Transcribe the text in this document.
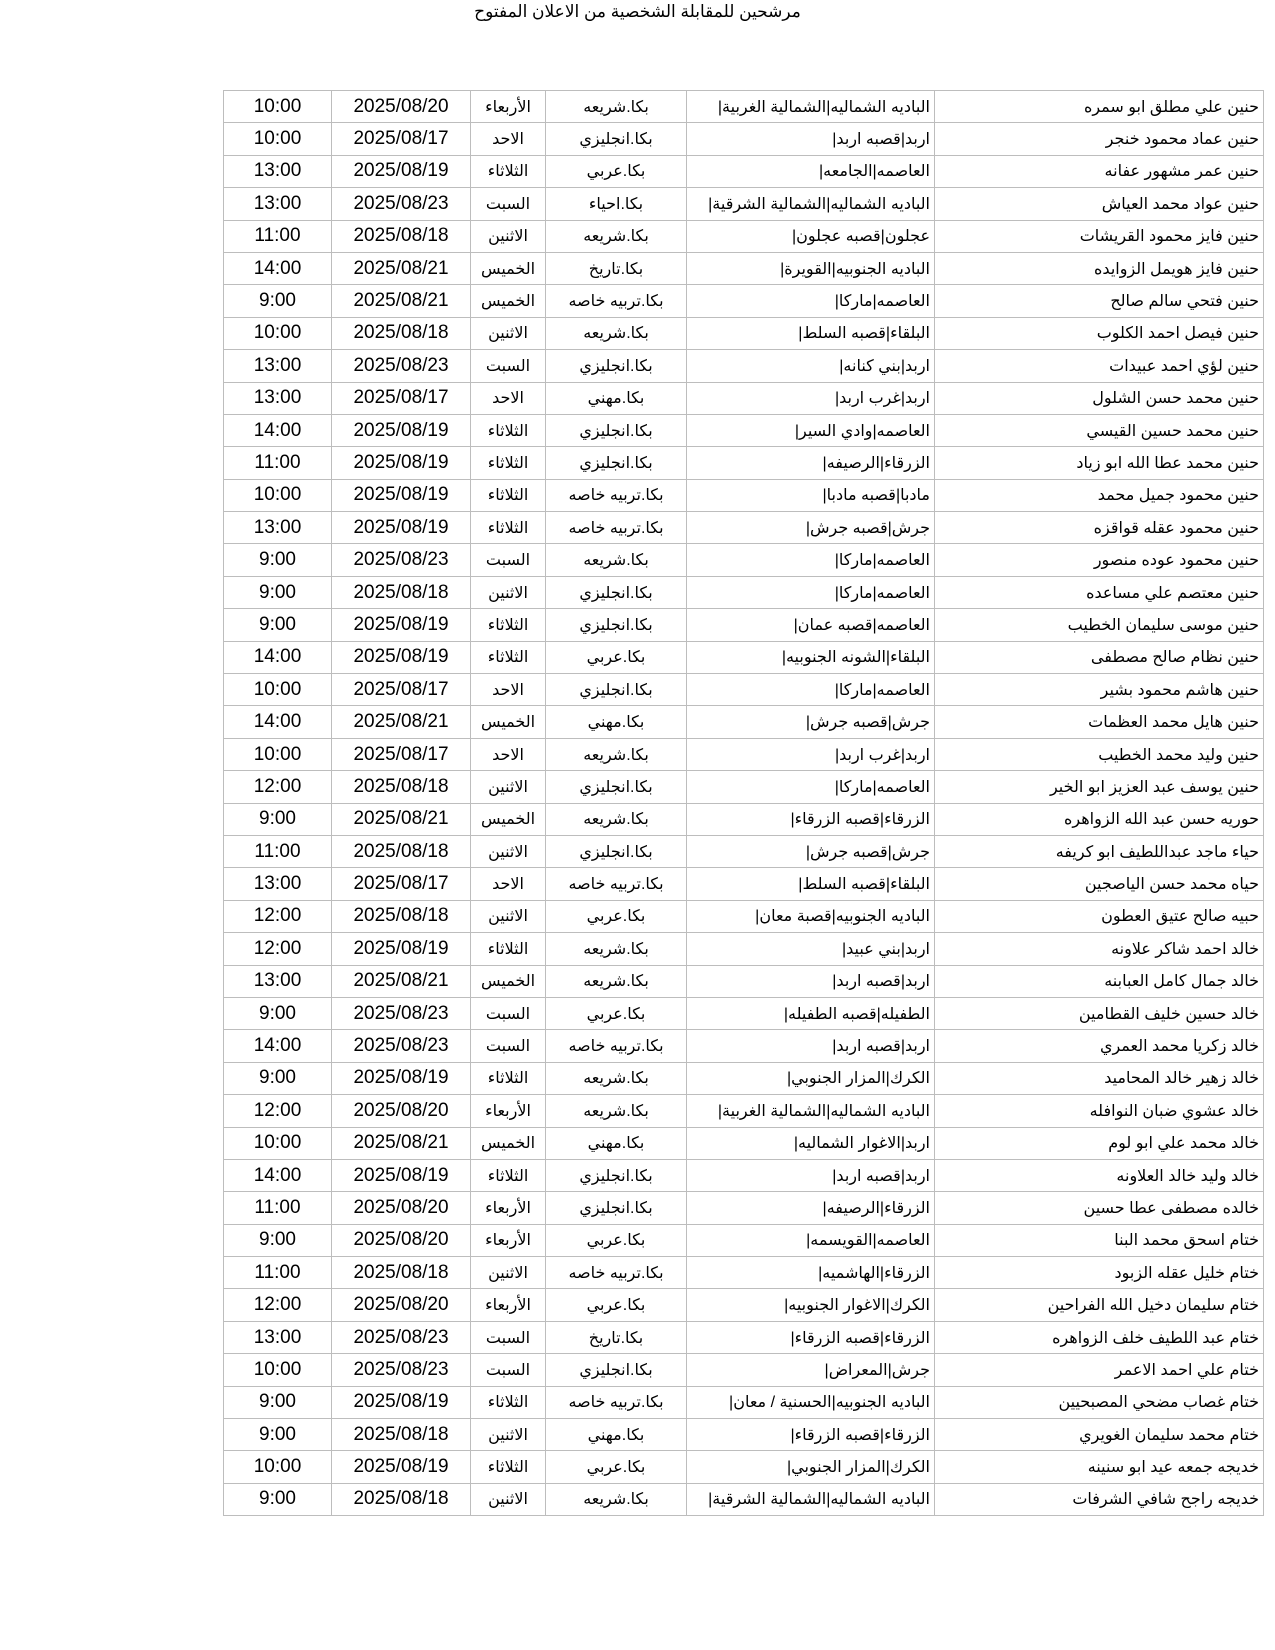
مرشحين للمقابلة الشخصية من الاعلان المفتوح
10:00	2025/08/20	الأربعاء	بكا.شريعه	الباديه الشماليه|الشمالية الغربية|	حنين علي مطلق ابو سمره
10:00	2025/08/17	الاحد	بكا.انجليزي	اربد|قصبه اربد|	حنين عماد محمود خنجر
13:00	2025/08/19	الثلاثاء	بكا.عربي	العاصمه|الجامعه|	حنين عمر مشهور عفانه
13:00	2025/08/23	السبت	بكا.احياء	الباديه الشماليه|الشمالية الشرقية|	حنين عواد محمد العياش
11:00	2025/08/18	الاثنين	بكا.شريعه	عجلون|قصبه عجلون|	حنين فايز محمود القريشات
14:00	2025/08/21	الخميس	بكا.تاريخ	الباديه الجنوبيه|القويرة|	حنين فايز هويمل الزوايده
9:00	2025/08/21	الخميس	بكا.تربيه خاصه	العاصمه|ماركا|	حنين فتحي سالم صالح
10:00	2025/08/18	الاثنين	بكا.شريعه	البلقاء|قصبه السلط|	حنين فيصل احمد الكلوب
13:00	2025/08/23	السبت	بكا.انجليزي	اربد|بني كنانه|	حنين لؤي احمد عبيدات
13:00	2025/08/17	الاحد	بكا.مهني	اربد|غرب اربد|	حنين محمد حسن الشلول
14:00	2025/08/19	الثلاثاء	بكا.انجليزي	العاصمه|وادي السير|	حنين محمد حسين القيسي
11:00	2025/08/19	الثلاثاء	بكا.انجليزي	الزرقاء|الرصيفه|	حنين محمد عطا الله ابو زياد
10:00	2025/08/19	الثلاثاء	بكا.تربيه خاصه	مادبا|قصبه مادبا|	حنين محمود جميل محمد
13:00	2025/08/19	الثلاثاء	بكا.تربيه خاصه	جرش|قصبه جرش|	حنين محمود عقله قواقزه
9:00	2025/08/23	السبت	بكا.شريعه	العاصمه|ماركا|	حنين محمود عوده منصور
9:00	2025/08/18	الاثنين	بكا.انجليزي	العاصمه|ماركا|	حنين معتصم علي مساعده
9:00	2025/08/19	الثلاثاء	بكا.انجليزي	العاصمه|قصبه عمان|	حنين موسى سليمان الخطيب
14:00	2025/08/19	الثلاثاء	بكا.عربي	البلقاء|الشونه الجنوبيه|	حنين نظام صالح مصطفى
10:00	2025/08/17	الاحد	بكا.انجليزي	العاصمه|ماركا|	حنين هاشم محمود بشير
14:00	2025/08/21	الخميس	بكا.مهني	جرش|قصبه جرش|	حنين هايل محمد العظمات
10:00	2025/08/17	الاحد	بكا.شريعه	اربد|غرب اربد|	حنين وليد محمد الخطيب
12:00	2025/08/18	الاثنين	بكا.انجليزي	العاصمه|ماركا|	حنين يوسف عبد العزيز ابو الخير
9:00	2025/08/21	الخميس	بكا.شريعه	الزرقاء|قصبه الزرقاء|	حوريه حسن عبد الله الزواهره
11:00	2025/08/18	الاثنين	بكا.انجليزي	جرش|قصبه جرش|	حياء ماجد عبداللطيف ابو كريفه
13:00	2025/08/17	الاحد	بكا.تربيه خاصه	البلقاء|قصبه السلط|	حياه محمد حسن الياصجين
12:00	2025/08/18	الاثنين	بكا.عربي	الباديه الجنوبيه|قصبة معان|	حبيه صالح عتيق العطون
12:00	2025/08/19	الثلاثاء	بكا.شريعه	اربد|بني عبيد|	خالد احمد شاكر علاونه
13:00	2025/08/21	الخميس	بكا.شريعه	اربد|قصبه اربد|	خالد جمال كامل العبابنه
9:00	2025/08/23	السبت	بكا.عربي	الطفيله|قصبه الطفيله|	خالد حسين خليف القطامين
14:00	2025/08/23	السبت	بكا.تربيه خاصه	اربد|قصبه اربد|	خالد زكريا محمد العمري
9:00	2025/08/19	الثلاثاء	بكا.شريعه	الكرك|المزار الجنوبي|	خالد زهير خالد المحاميد
12:00	2025/08/20	الأربعاء	بكا.شريعه	الباديه الشماليه|الشمالية الغربية|	خالد عشوي ضبان النوافله
10:00	2025/08/21	الخميس	بكا.مهني	اربد|الاغوار الشماليه|	خالد محمد علي ابو لوم
14:00	2025/08/19	الثلاثاء	بكا.انجليزي	اربد|قصبه اربد|	خالد وليد خالد العلاونه
11:00	2025/08/20	الأربعاء	بكا.انجليزي	الزرقاء|الرصيفه|	خالده مصطفى عطا حسين
9:00	2025/08/20	الأربعاء	بكا.عربي	العاصمه|القويسمه|	ختام اسحق محمد البنا
11:00	2025/08/18	الاثنين	بكا.تربيه خاصه	الزرقاء|الهاشميه|	ختام خليل عقله الزبود
12:00	2025/08/20	الأربعاء	بكا.عربي	الكرك|الاغوار الجنوبيه|	ختام سليمان دخيل الله الفراحين
13:00	2025/08/23	السبت	بكا.تاريخ	الزرقاء|قصبه الزرقاء|	ختام عبد اللطيف خلف الزواهره
10:00	2025/08/23	السبت	بكا.انجليزي	جرش|المعراض|	ختام علي احمد الاعمر
9:00	2025/08/19	الثلاثاء	بكا.تربيه خاصه	الباديه الجنوبيه|الحسنية / معان|	ختام غصاب مضحي المصبحيين
9:00	2025/08/18	الاثنين	بكا.مهني	الزرقاء|قصبه الزرقاء|	ختام محمد سليمان الغويري
10:00	2025/08/19	الثلاثاء	بكا.عربي	الكرك|المزار الجنوبي|	خديجه جمعه عيد ابو سنينه
9:00	2025/08/18	الاثنين	بكا.شريعه	الباديه الشماليه|الشمالية الشرقية|	خديجه راجح شافي الشرفات
